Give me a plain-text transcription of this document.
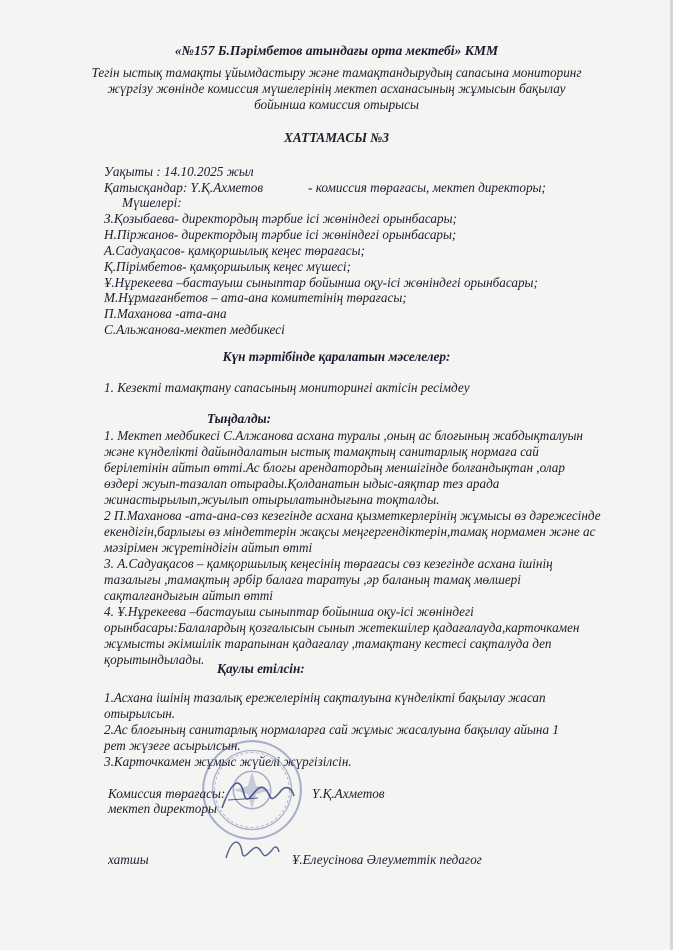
«№157 Б.Пәрімбетов атындағы орта мектебі» КММ
Тегін ыстық тамақты ұйымдастыру және тамақтандырудың сапасына мониторинг
жүргізу жөнінде комиссия мүшелерінің мектеп асханасының жұмысын бақылау
бойынша комиссия отырысы
ХАТТАМАСЫ №3
Уақыты : 14.10.2025 жыл
Қатысқандар: Ү.Қ.Ахметов	- комиссия төрағасы, мектеп директоры;
Мүшелері:
З.Қозыбаева- директордың тәрбие ісі жөніндегі орынбасары;
Н.Піржанов- директордың тәрбие ісі жөніндегі орынбасары;
А.Садуақасов- қамқоршылық кеңес төрағасы;
Қ.Пірімбетов- қамқоршылық кеңес мүшесі;
Ұ.Нұрекеева –бастауыш сыныптар бойынша оқу-ісі жөніндегі орынбасары;
М.Нұрмағанбетов – ата-ана комитетінің төрағасы;
П.Маханова -ата-ана
С.Альжанова-мектеп медбикесі
Күн тәртібінде қаралатын мәселелер:
1. Кезекті тамақтану сапасының мониторингі актісін ресімдеу
Тыңдалды:
1. Мектеп медбикесі С.Алжанова асхана туралы ,оның ас блоғының жабдықталуын
және күнделікті дайындалатын ыстық тамақтың санитарлық нормаға сай
берілетінін айтып өтті.Ас блогы арендатордың меншігінде болғандықтан ,олар
өздері жуып-тазалап отырады.Қолданатын ыдыс-аяқтар тез арада
жинастырылып,жуылып отырылатындығына тоқталды.
2 П.Маханова -ата-ана-сөз кезегінде асхана қызметкерлерінің жұмысы өз дәрежесінде
екендігін,барлығы өз міндеттерін жақсы меңгергендіктерін,тамақ нормамен және ас
мәзірімен жүретіндігін айтып өтті
3. А.Садуақасов – қамқоршылық кеңесінің төрағасы сөз кезегінде асхана ішінің
тазалығы ,тамақтың әрбір балаға таратуы ,әр баланың тамақ мөлшері
сақталғандығын айтып өтті
4. Ұ.Нұрекеева –бастауыш сыныптар бойынша оқу-ісі жөніндегі
орынбасары:Балалардың қозғалысын сынып жетекшілер қадағалауда,карточкамен
жұмысты әкімшілік тарапынан қадағалау ,тамақтану кестесі сақталуда деп
қорытындылады.
Қаулы етілсін:
1.Асхана ішінің тазалық ережелерінің сақталуына күнделікті бақылау жасап
отырылсын.
2.Ас блоғының санитарлық нормаларға сай жұмыс жасалуына бақылау айына 1
рет жүзеге асырылсын.
3.Карточкамен жұмыс жүйелі жүргізілсін.
Комиссия төрағасы:	Ү.Қ.Ахметов
мектеп директоры
хатшы	Ұ.Елеусінова Әлеуметтік педагог
